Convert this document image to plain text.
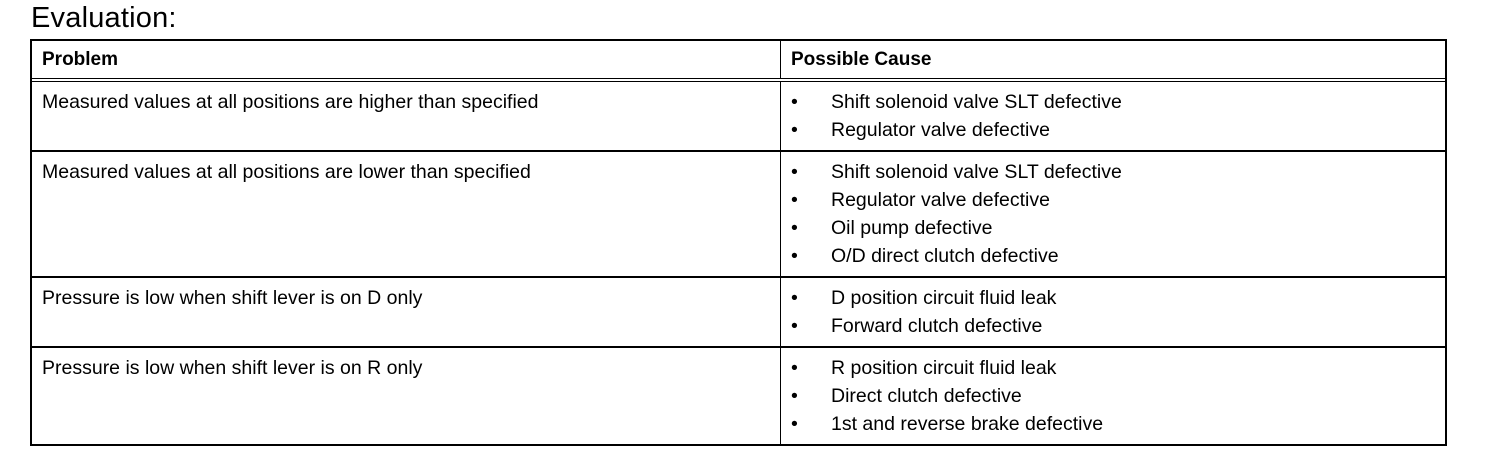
Evaluation:
Problem	Possible Cause
Measured values at all positions are higher than specified	•	Shift solenoid valve SLT defective
•	Regulator valve defective
Measured values at all positions are lower than specified	•	Shift solenoid valve SLT defective
•	Regulator valve defective
•	Oil pump defective
•	O/D direct clutch defective
Pressure is low when shift lever is on D only	•	D position circuit fluid leak
•	Forward clutch defective
Pressure is low when shift lever is on R only	•	R position circuit fluid leak
•	Direct clutch defective
•	1st and reverse brake defective
